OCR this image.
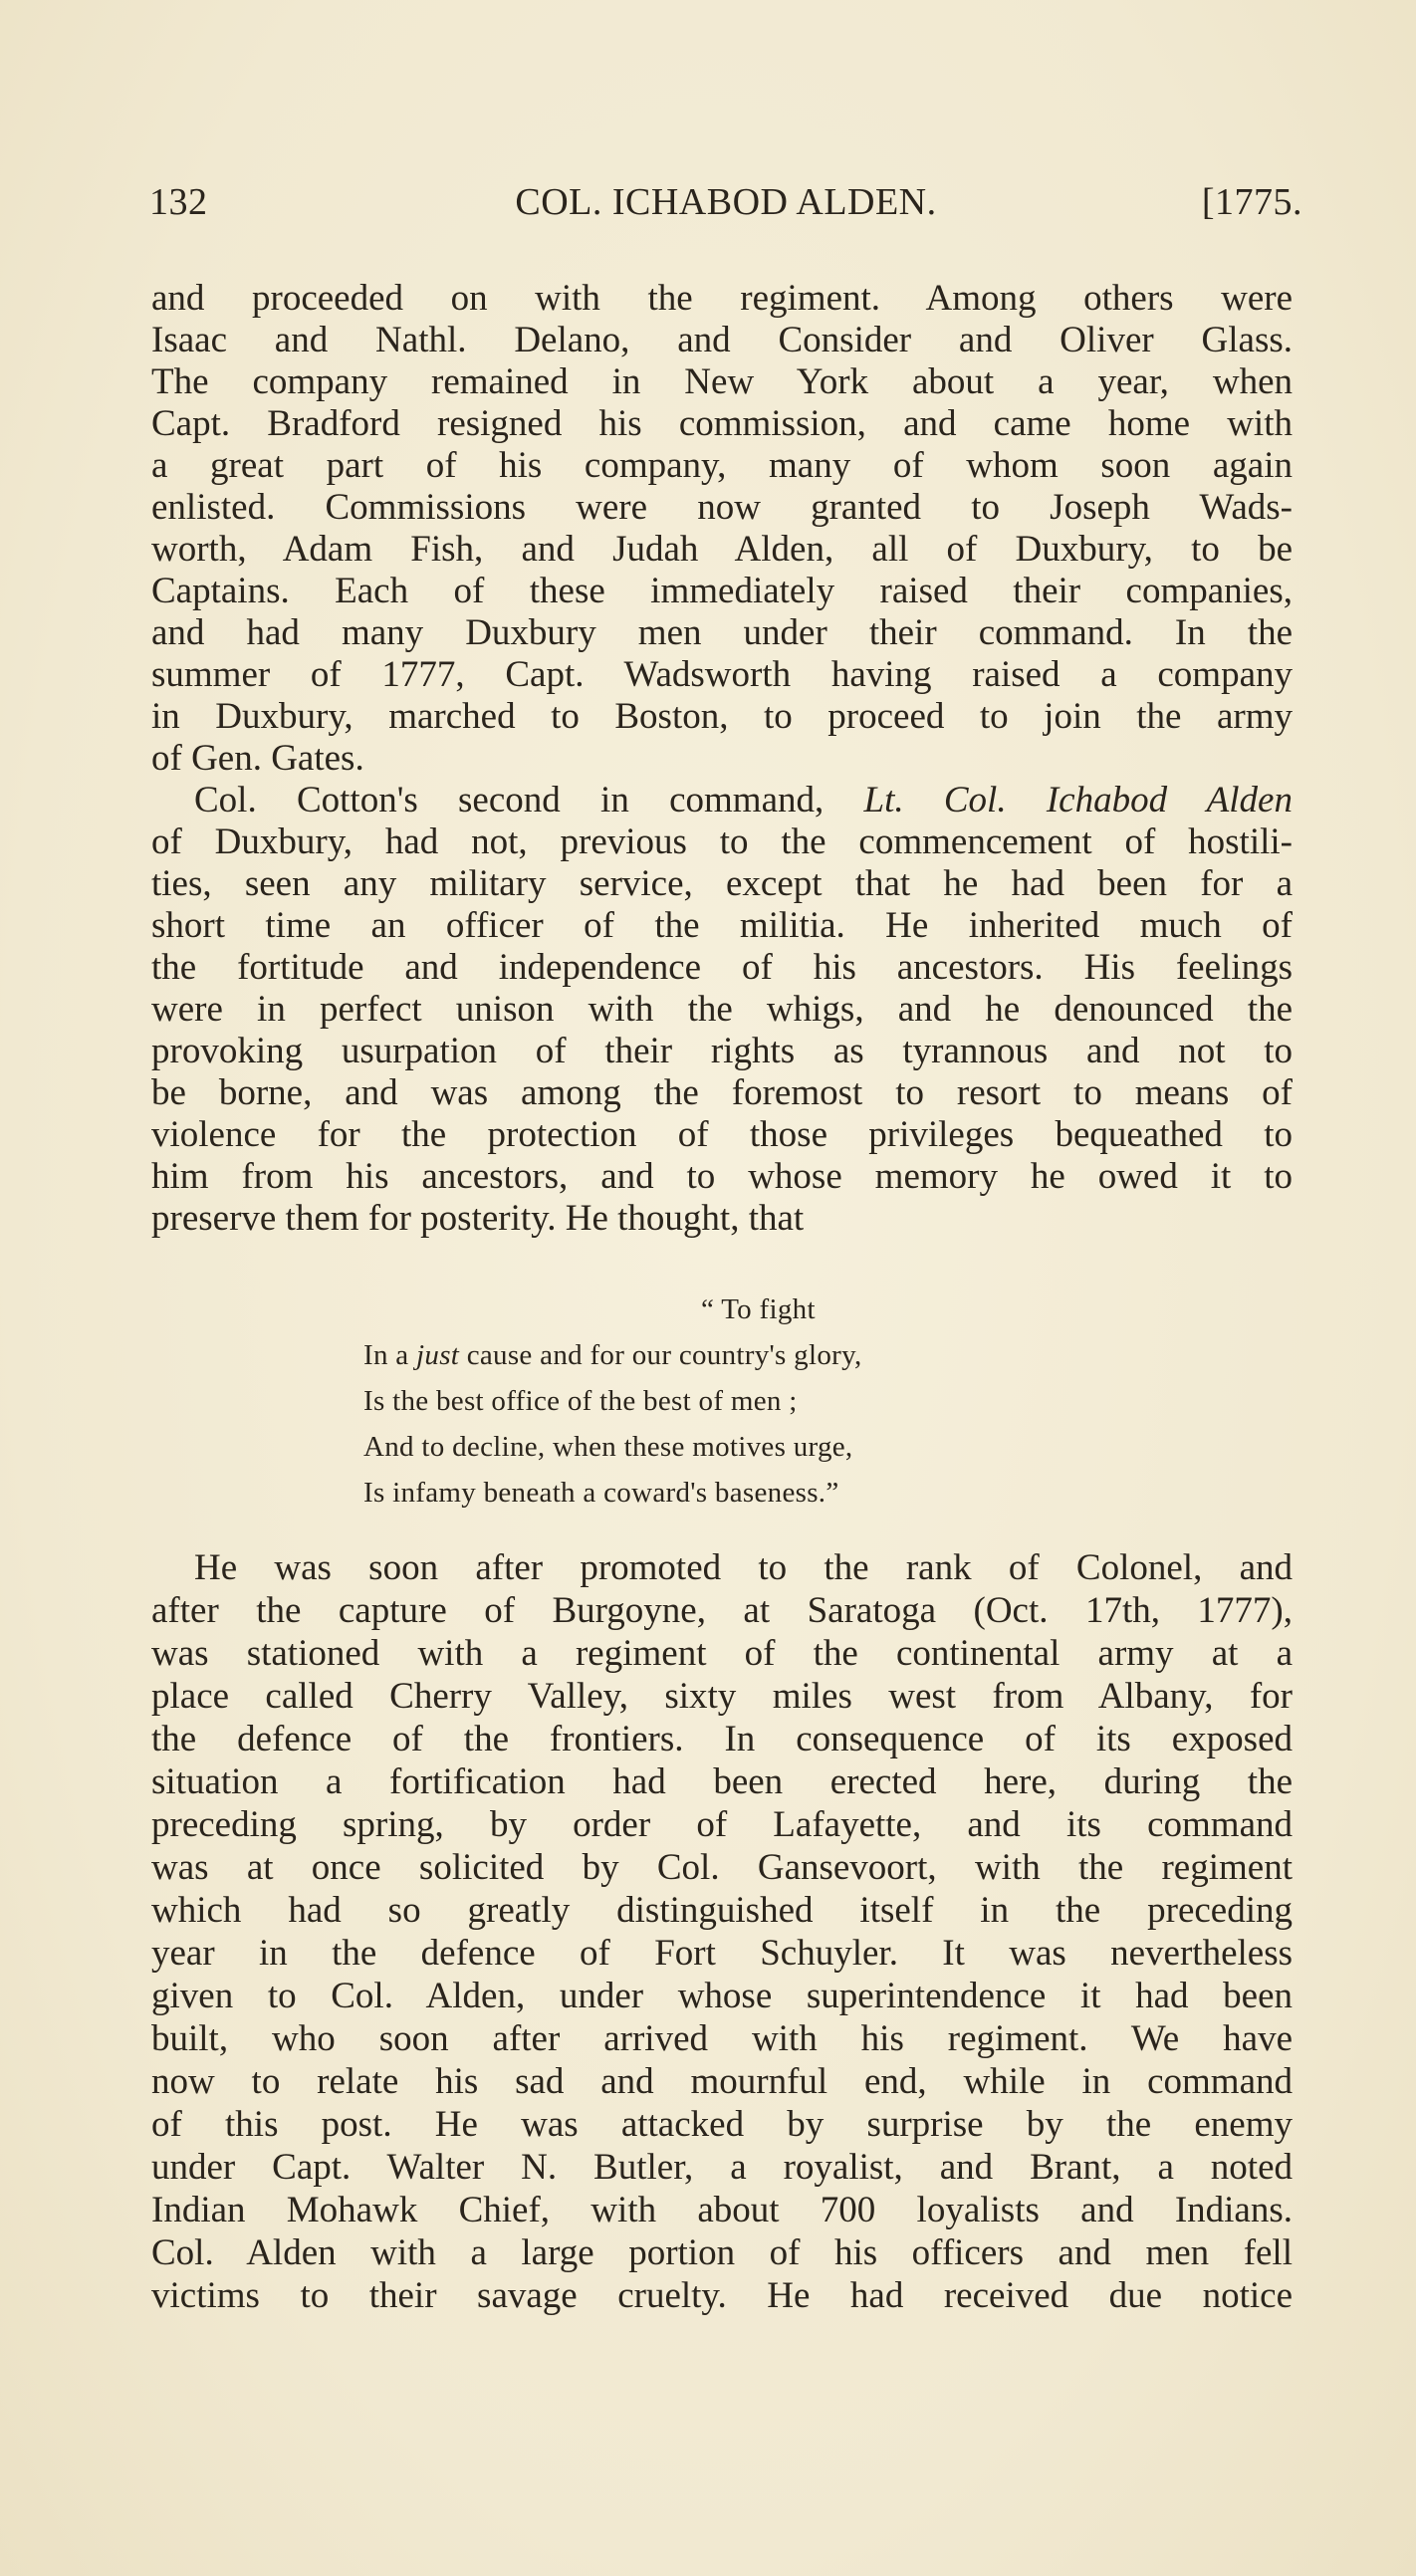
132	COL. ICHABOD ALDEN.	[1775.
and proceeded on with the regiment. Among others were
Isaac and Nathl. Delano, and Consider and Oliver Glass.
The company remained in New York about a year, when
Capt. Bradford resigned his commission, and came home with
a great part of his company, many of whom soon again
enlisted. Commissions were now granted to Joseph Wads-
worth, Adam Fish, and Judah Alden, all of Duxbury, to be
Captains. Each of these immediately raised their companies,
and had many Duxbury men under their command. In the
summer of 1777, Capt. Wadsworth having raised a company
in Duxbury, marched to Boston, to proceed to join the army
of Gen. Gates.
Col. Cotton's second in command, Lt. Col. Ichabod Alden
of Duxbury, had not, previous to the commencement of hostili-
ties, seen any military service, except that he had been for a
short time an officer of the militia. He inherited much of
the fortitude and independence of his ancestors. His feelings
were in perfect unison with the whigs, and he denounced the
provoking usurpation of their rights as tyrannous and not to
be borne, and was among the foremost to resort to means of
violence for the protection of those privileges bequeathed to
him from his ancestors, and to whose memory he owed it to
preserve them for posterity. He thought, that
“ To fight
In a just cause and for our country's glory,
Is the best office of the best of men ;
And to decline, when these motives urge,
Is infamy beneath a coward's baseness.”
He was soon after promoted to the rank of Colonel, and
after the capture of Burgoyne, at Saratoga (Oct. 17th, 1777),
was stationed with a regiment of the continental army at a
place called Cherry Valley, sixty miles west from Albany, for
the defence of the frontiers. In consequence of its exposed
situation a fortification had been erected here, during the
preceding spring, by order of Lafayette, and its command
was at once solicited by Col. Gansevoort, with the regiment
which had so greatly distinguished itself in the preceding
year in the defence of Fort Schuyler. It was nevertheless
given to Col. Alden, under whose superintendence it had been
built, who soon after arrived with his regiment. We have
now to relate his sad and mournful end, while in command
of this post. He was attacked by surprise by the enemy
under Capt. Walter N. Butler, a royalist, and Brant, a noted
Indian Mohawk Chief, with about 700 loyalists and Indians.
Col. Alden with a large portion of his officers and men fell
victims to their savage cruelty. He had received due notice
